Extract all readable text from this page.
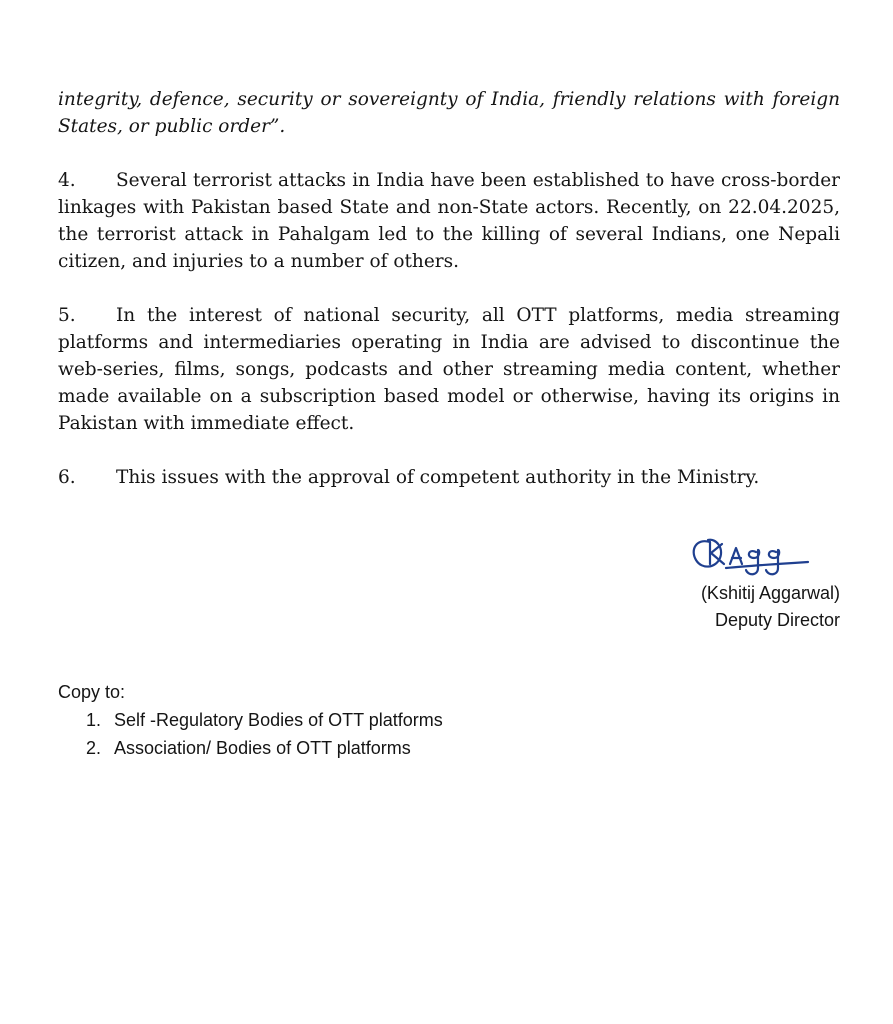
integrity, defence, security or sovereignty of India, friendly relations with foreign States, or public order”.
4. Several terrorist attacks in India have been established to have cross-border linkages with Pakistan based State and non-State actors. Recently, on 22.04.2025, the terrorist attack in Pahalgam led to the killing of several Indians, one Nepali citizen, and injuries to a number of others.
5. In the interest of national security, all OTT platforms, media streaming platforms and intermediaries operating in India are advised to discontinue the web-series, films, songs, podcasts and other streaming media content, whether made available on a subscription based model or otherwise, having its origins in Pakistan with immediate effect.
6. This issues with the approval of competent authority in the Ministry.
(Kshitij Aggarwal)
Deputy Director
Copy to:
1. Self -Regulatory Bodies of OTT platforms
2. Association/ Bodies of OTT platforms
